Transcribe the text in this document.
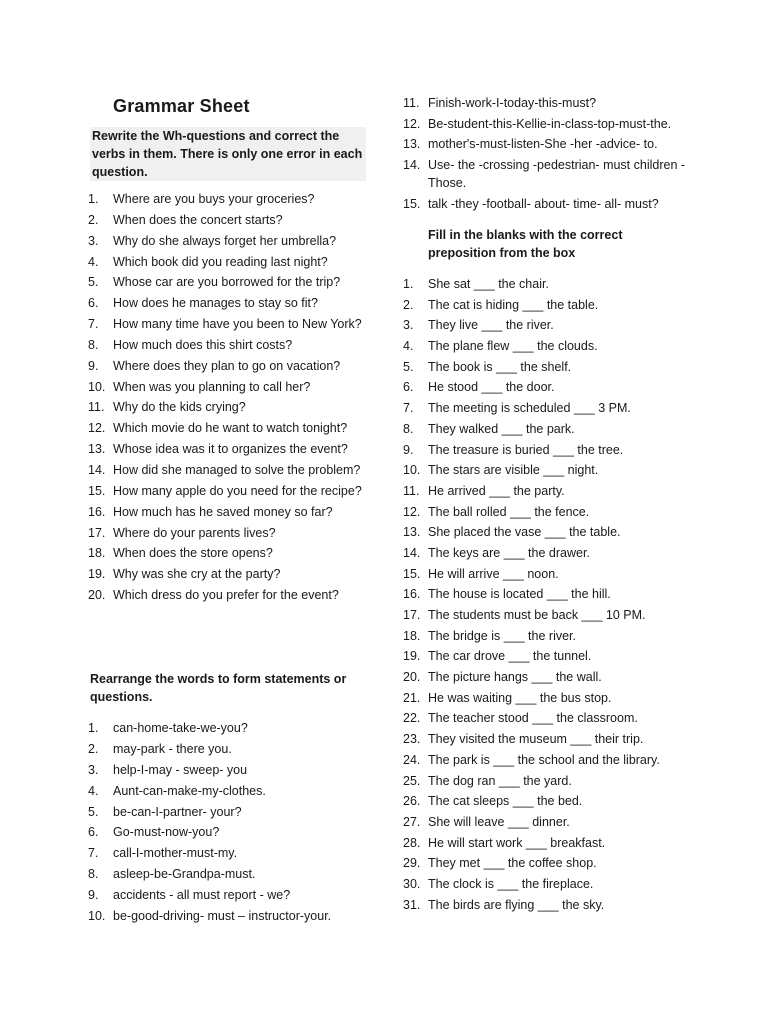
Grammar Sheet
Rewrite the Wh-questions and correct the verbs in them. There is only one error in each question.
1. Where are you buys your groceries?
2. When does the concert starts?
3. Why do she always forget her umbrella?
4. Which book did you reading last night?
5. Whose car are you borrowed for the trip?
6. How does he manages to stay so fit?
7. How many time have you been to New York?
8. How much does this shirt costs?
9. Where does they plan to go on vacation?
10. When was you planning to call her?
11. Why do the kids crying?
12. Which movie do he want to watch tonight?
13. Whose idea was it to organizes the event?
14. How did she managed to solve the problem?
15. How many apple do you need for the recipe?
16. How much has he saved money so far?
17. Where do your parents lives?
18. When does the store opens?
19. Why was she cry at the party?
20. Which dress do you prefer for the event?
Rearrange the words to form statements or questions.
1. can-home-take-we-you?
2. may-park - there you.
3. help-I-may - sweep- you
4. Aunt-can-make-my-clothes.
5. be-can-I-partner- your?
6. Go-must-now-you?
7. call-I-mother-must-my.
8. asleep-be-Grandpa-must.
9. accidents - all must report - we?
10. be-good-driving- must – instructor-your.
11. Finish-work-I-today-this-must?
12. Be-student-this-Kellie-in-class-top-must-the.
13. mother's-must-listen-She -her -advice- to.
14. Use- the -crossing -pedestrian- must children -Those.
15. talk -they -football- about- time- all- must?
Fill in the blanks with the correct preposition from the box
1. She sat ___ the chair.
2. The cat is hiding ___ the table.
3. They live ___ the river.
4. The plane flew ___ the clouds.
5. The book is ___ the shelf.
6. He stood ___ the door.
7. The meeting is scheduled ___ 3 PM.
8. They walked ___ the park.
9. The treasure is buried ___ the tree.
10. The stars are visible ___ night.
11. He arrived ___ the party.
12. The ball rolled ___ the fence.
13. She placed the vase ___ the table.
14. The keys are ___ the drawer.
15. He will arrive ___ noon.
16. The house is located ___ the hill.
17. The students must be back ___ 10 PM.
18. The bridge is ___ the river.
19. The car drove ___ the tunnel.
20. The picture hangs ___ the wall.
21. He was waiting ___ the bus stop.
22. The teacher stood ___ the classroom.
23. They visited the museum ___ their trip.
24. The park is ___ the school and the library.
25. The dog ran ___ the yard.
26. The cat sleeps ___ the bed.
27. She will leave ___ dinner.
28. He will start work ___ breakfast.
29. They met ___ the coffee shop.
30. The clock is ___ the fireplace.
31. The birds are flying ___ the sky.
